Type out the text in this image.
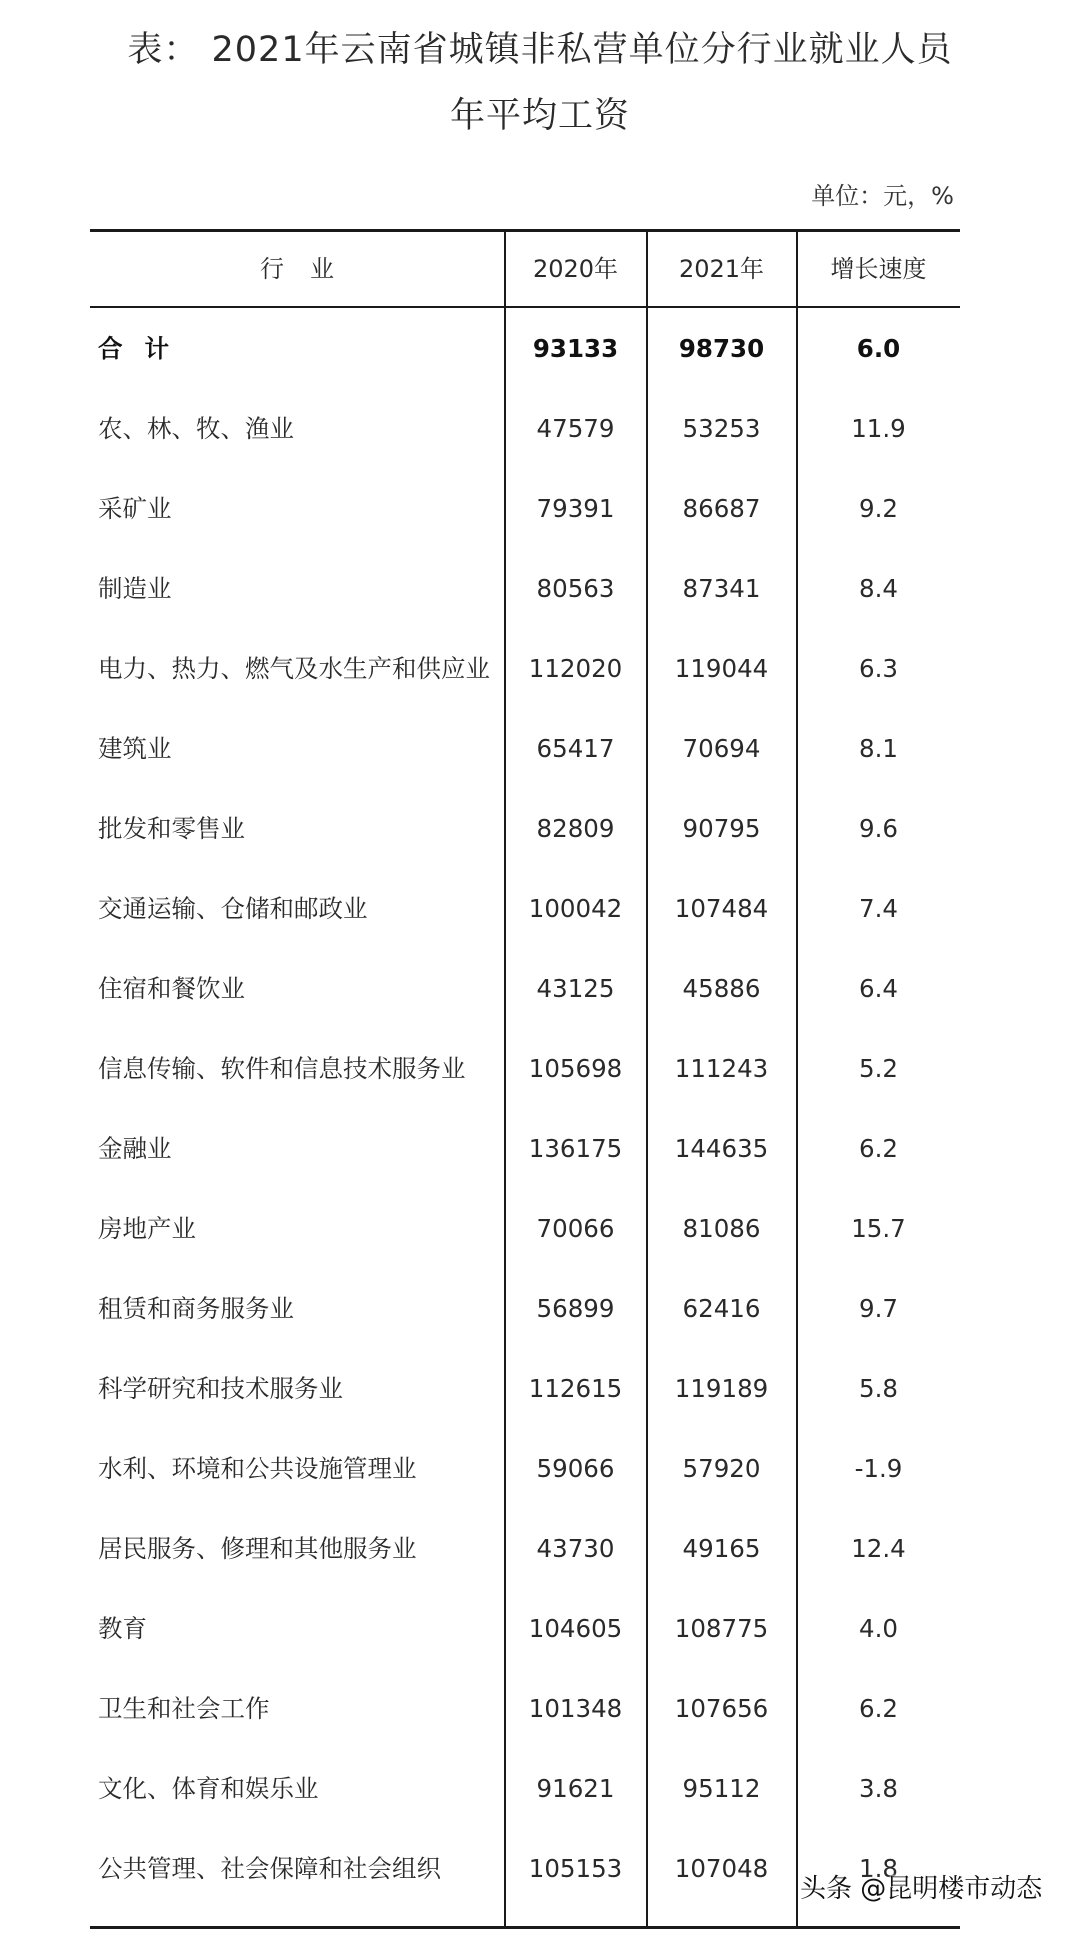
表： 2021年云南省城镇非私营单位分行业就业人员
年平均工资
单位：元，%
行业	2020年	2021年	增长速度
合计	93133	98730	6.0
农、林、牧、渔业	47579	53253	11.9
采矿业	79391	86687	9.2
制造业	80563	87341	8.4
电力、热力、燃气及水生产和供应业	112020	119044	6.3
建筑业	65417	70694	8.1
批发和零售业	82809	90795	9.6
交通运输、仓储和邮政业	100042	107484	7.4
住宿和餐饮业	43125	45886	6.4
信息传输、软件和信息技术服务业	105698	111243	5.2
金融业	136175	144635	6.2
房地产业	70066	81086	15.7
租赁和商务服务业	56899	62416	9.7
科学研究和技术服务业	112615	119189	5.8
水利、环境和公共设施管理业	59066	57920	-1.9
居民服务、修理和其他服务业	43730	49165	12.4
教育	104605	108775	4.0
卫生和社会工作	101348	107656	6.2
文化、体育和娱乐业	91621	95112	3.8
公共管理、社会保障和社会组织	105153	107048	1.8
头条 @昆明楼市动态
